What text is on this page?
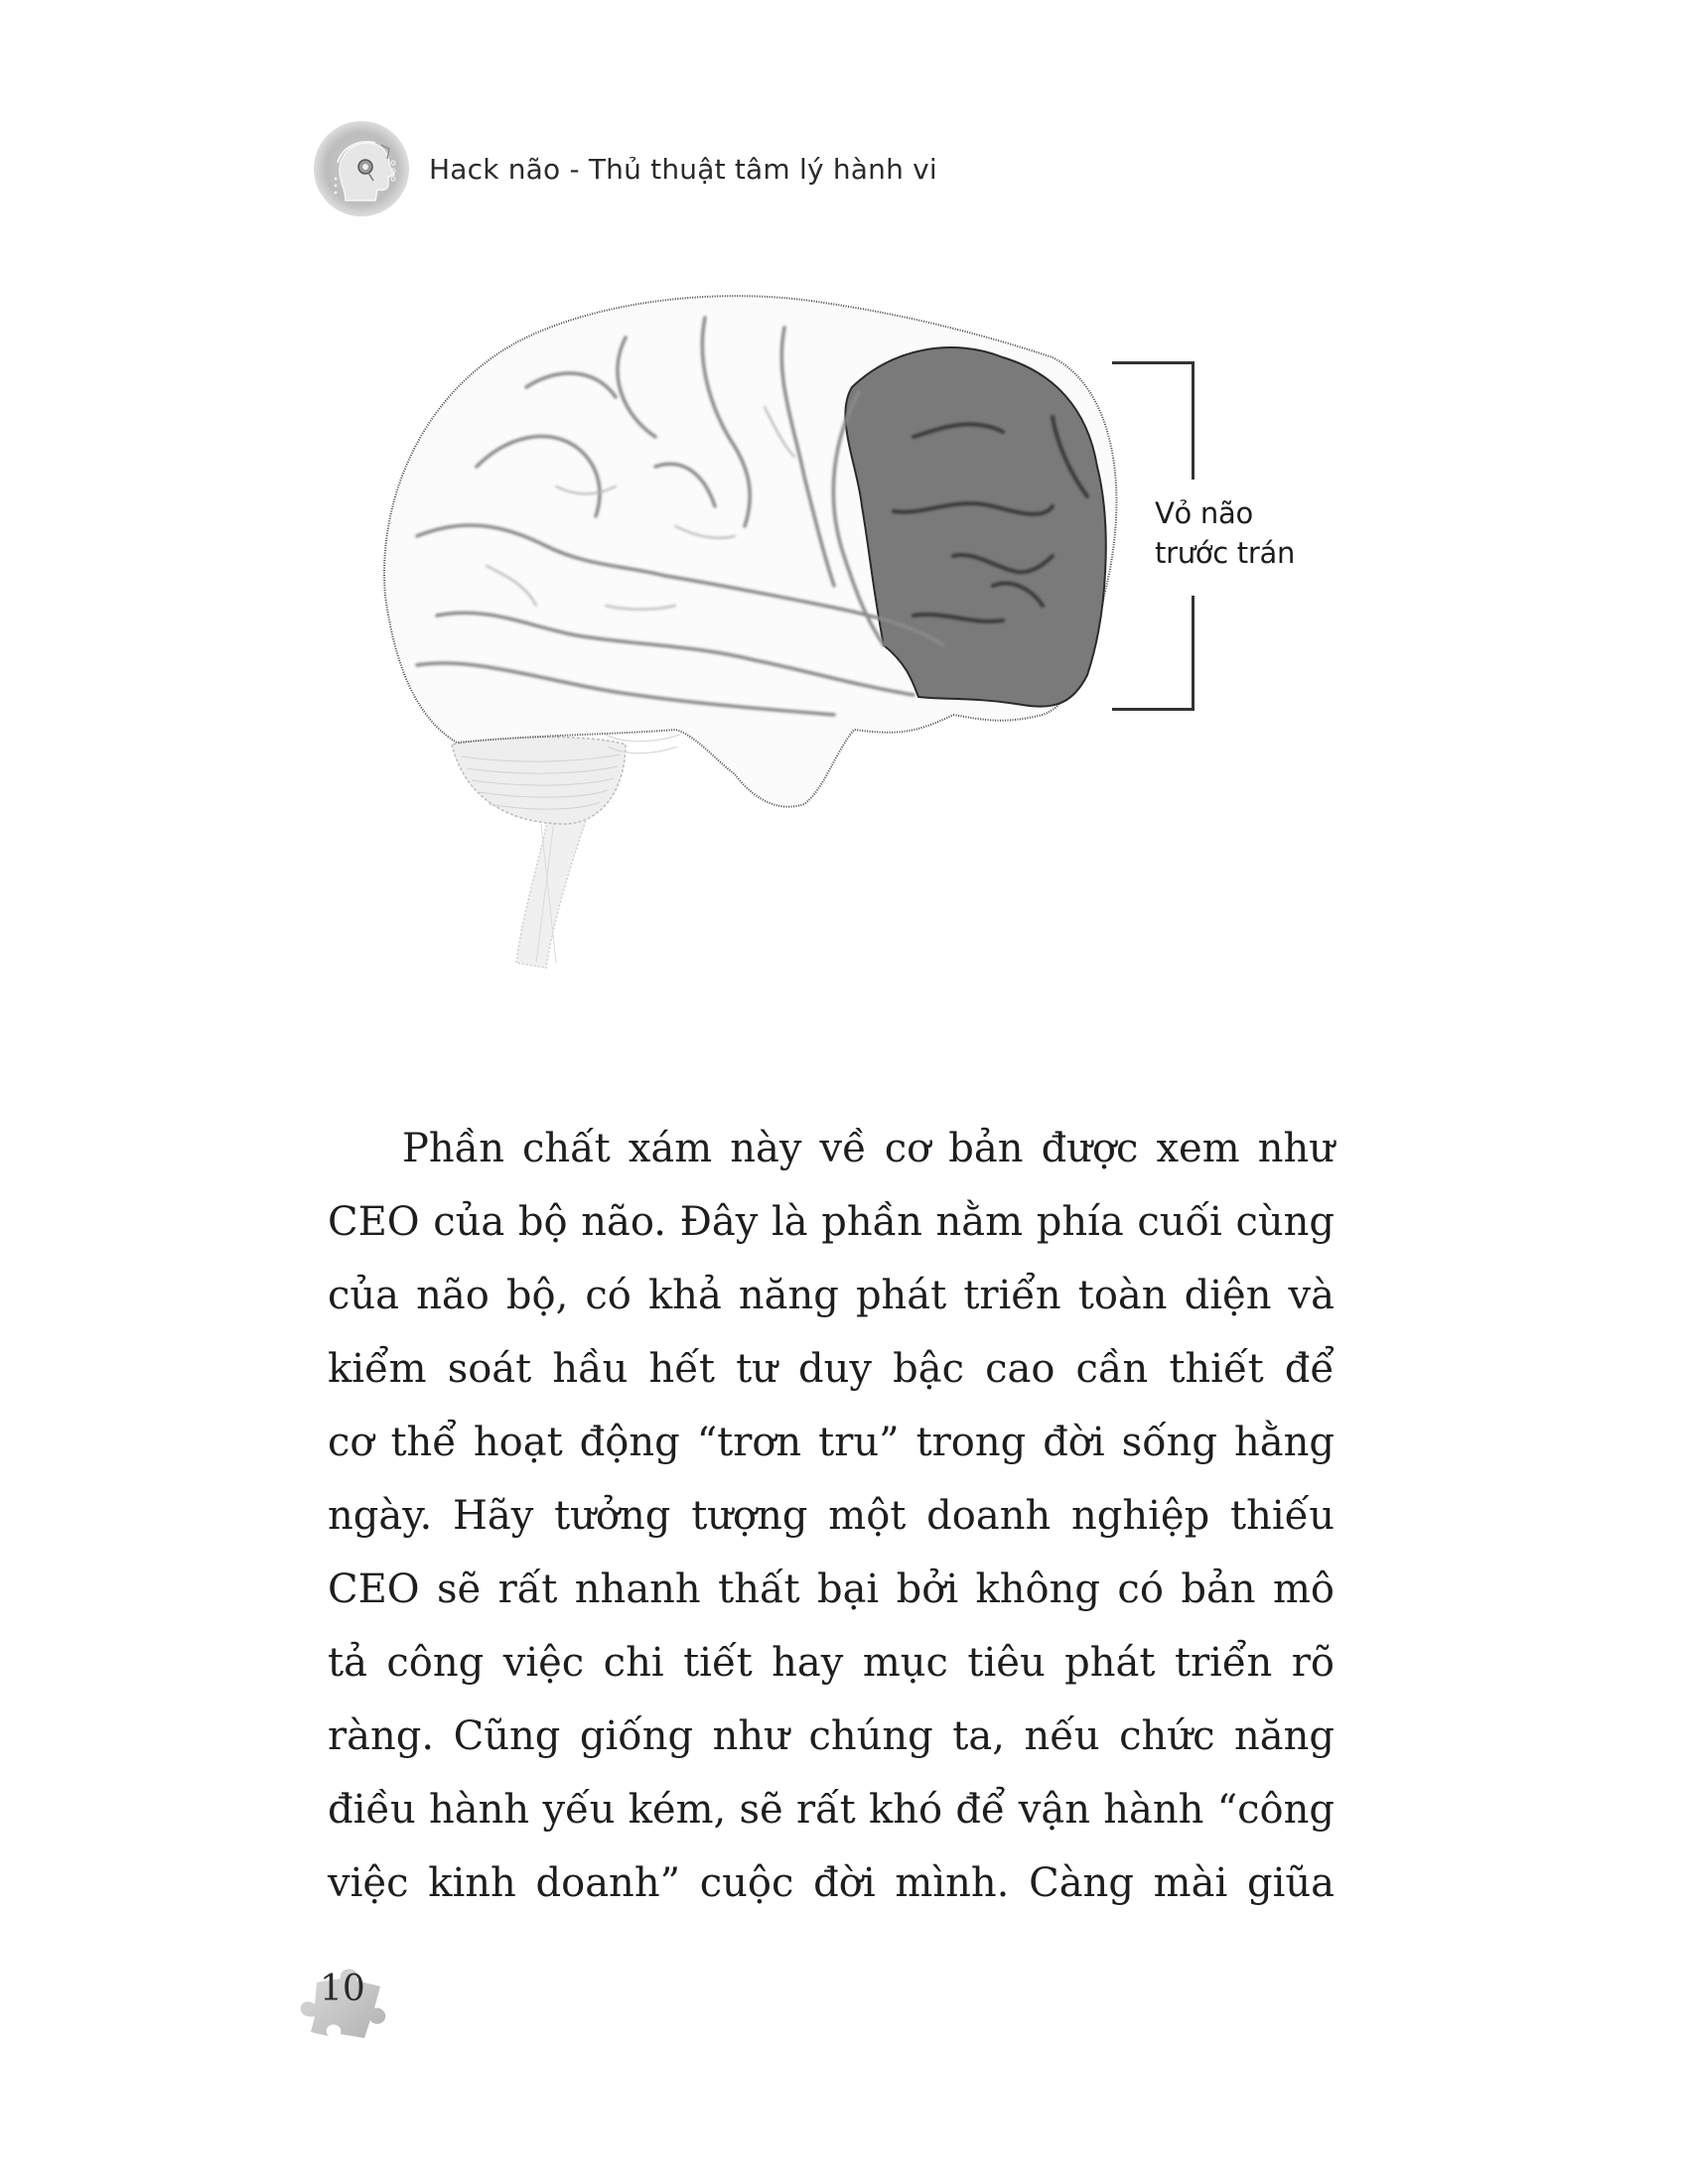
Hack não - Thủ thuật tâm lý hành vi
Vỏ não
trước trán
Phần chất xám này về cơ bản được xem như
CEO của bộ não. Đây là phần nằm phía cuối cùng
của não bộ, có khả năng phát triển toàn diện và
kiểm soát hầu hết tư duy bậc cao cần thiết để
cơ thể hoạt động “trơn tru” trong đời sống hằng
ngày. Hãy tưởng tượng một doanh nghiệp thiếu
CEO sẽ rất nhanh thất bại bởi không có bản mô
tả công việc chi tiết hay mục tiêu phát triển rõ
ràng. Cũng giống như chúng ta, nếu chức năng
điều hành yếu kém, sẽ rất khó để vận hành “công
việc kinh doanh” cuộc đời mình. Càng mài giũa
10
